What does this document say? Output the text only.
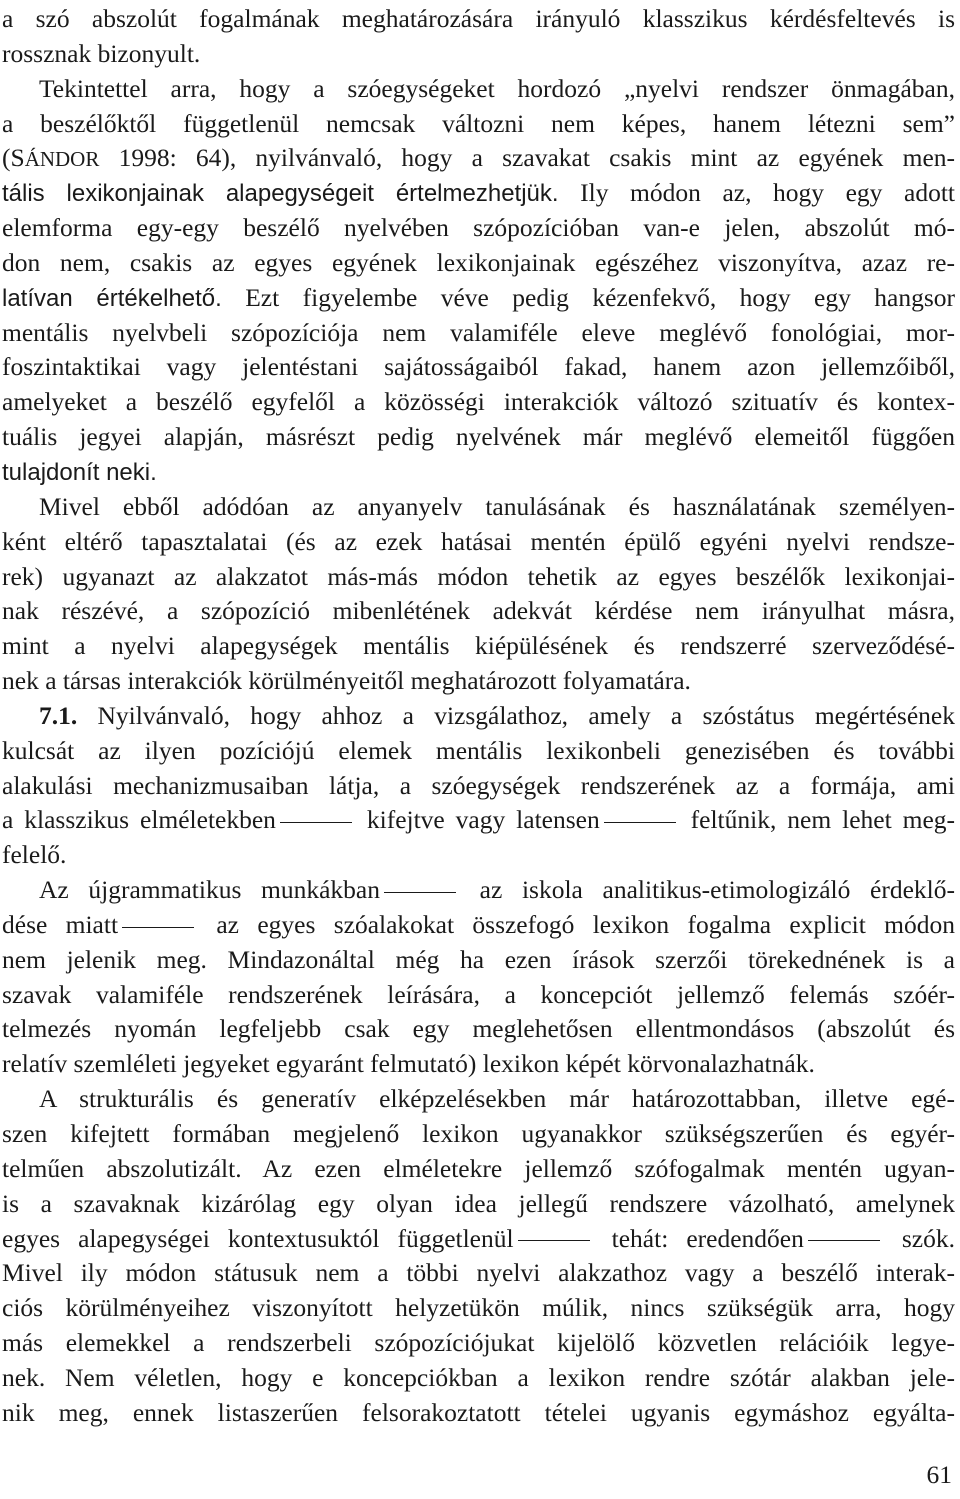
a szó abszolút fogalmának meghatározására irányuló klasszikus kérdésfeltevés is
rossznak bizonyult.
Tekintettel arra, hogy a szóegységeket hordozó „nyelvi rendszer önmagában,
a beszélőktől függetlenül nemcsak változni nem képes, hanem létezni sem”
(SÁNDOR 1998: 64), nyilvánvaló, hogy a szavakat csakis mint az egyének men-
tális lexikonjainak alapegységeit értelmezhetjük. Ily módon az, hogy egy adott
elemforma egy-egy beszélő nyelvében szópozícióban van-e jelen, abszolút mó-
don nem, csakis az egyes egyének lexikonjainak egészéhez viszonyítva, azaz re-
latívan értékelhető. Ezt figyelembe véve pedig kézenfekvő, hogy egy hangsor
mentális nyelvbeli szópozíciója nem valamiféle eleve meglévő fonológiai, mor-
foszintaktikai vagy jelentéstani sajátosságaiból fakad, hanem azon jellemzőiből,
amelyeket a beszélő egyfelől a közösségi interakciók változó szituatív és kontex-
tuális jegyei alapján, másrészt pedig nyelvének már meglévő elemeitől függően
tulajdonít neki.
Mivel ebből adódóan az anyanyelv tanulásának és használatának személyen-
ként eltérő tapasztalatai (és az ezek hatásai mentén épülő egyéni nyelvi rendsze-
rek) ugyanazt az alakzatot más-más módon tehetik az egyes beszélők lexikonjai-
nak részévé, a szópozíció mibenlétének adekvát kérdése nem irányulhat másra,
mint a nyelvi alapegységek mentális kiépülésének és rendszerré szerveződésé-
nek a társas interakciók körülményeitől meghatározott folyamatára.
7.1. Nyilvánvaló, hogy ahhoz a vizsgálathoz, amely a szóstátus megértésének
kulcsát az ilyen pozíciójú elemek mentális lexikonbeli genezisében és további
alakulási mechanizmusaiban látja, a szóegységek rendszerének az a formája, ami
a klasszikus elméletekben	kifejtve vagy latensen	feltűnik, nem lehet meg-
felelő.
Az újgrammatikus munkákban	az iskola analitikus-etimologizáló érdeklő-
dése miatt	az egyes szóalakokat összefogó lexikon fogalma explicit módon
nem jelenik meg. Mindazonáltal még ha ezen írások szerzői törekednének is a
szavak valamiféle rendszerének leírására, a koncepciót jellemző felemás szóér-
telmezés nyomán legfeljebb csak egy meglehetősen ellentmondásos (abszolút és
relatív szemléleti jegyeket egyaránt felmutató) lexikon képét körvonalazhatnák.
A strukturális és generatív elképzelésekben már határozottabban, illetve egé-
szen kifejtett formában megjelenő lexikon ugyanakkor szükségszerűen és egyér-
telműen abszolutizált. Az ezen elméletekre jellemző szófogalmak mentén ugyan-
is a szavaknak kizárólag egy olyan idea jellegű rendszere vázolható, amelynek
egyes alapegységei kontextusuktól függetlenül	tehát: eredendően	szók.
Mivel ily módon státusuk nem a többi nyelvi alakzathoz vagy a beszélő interak-
ciós körülményeihez viszonyított helyzetükön múlik, nincs szükségük arra, hogy
más elemekkel a rendszerbeli szópozíciójukat kijelölő közvetlen relációik legye-
nek. Nem véletlen, hogy e koncepciókban a lexikon rendre szótár alakban jele-
nik meg, ennek listaszerűen felsorakoztatott tételei ugyanis egymáshoz egyálta-
61
